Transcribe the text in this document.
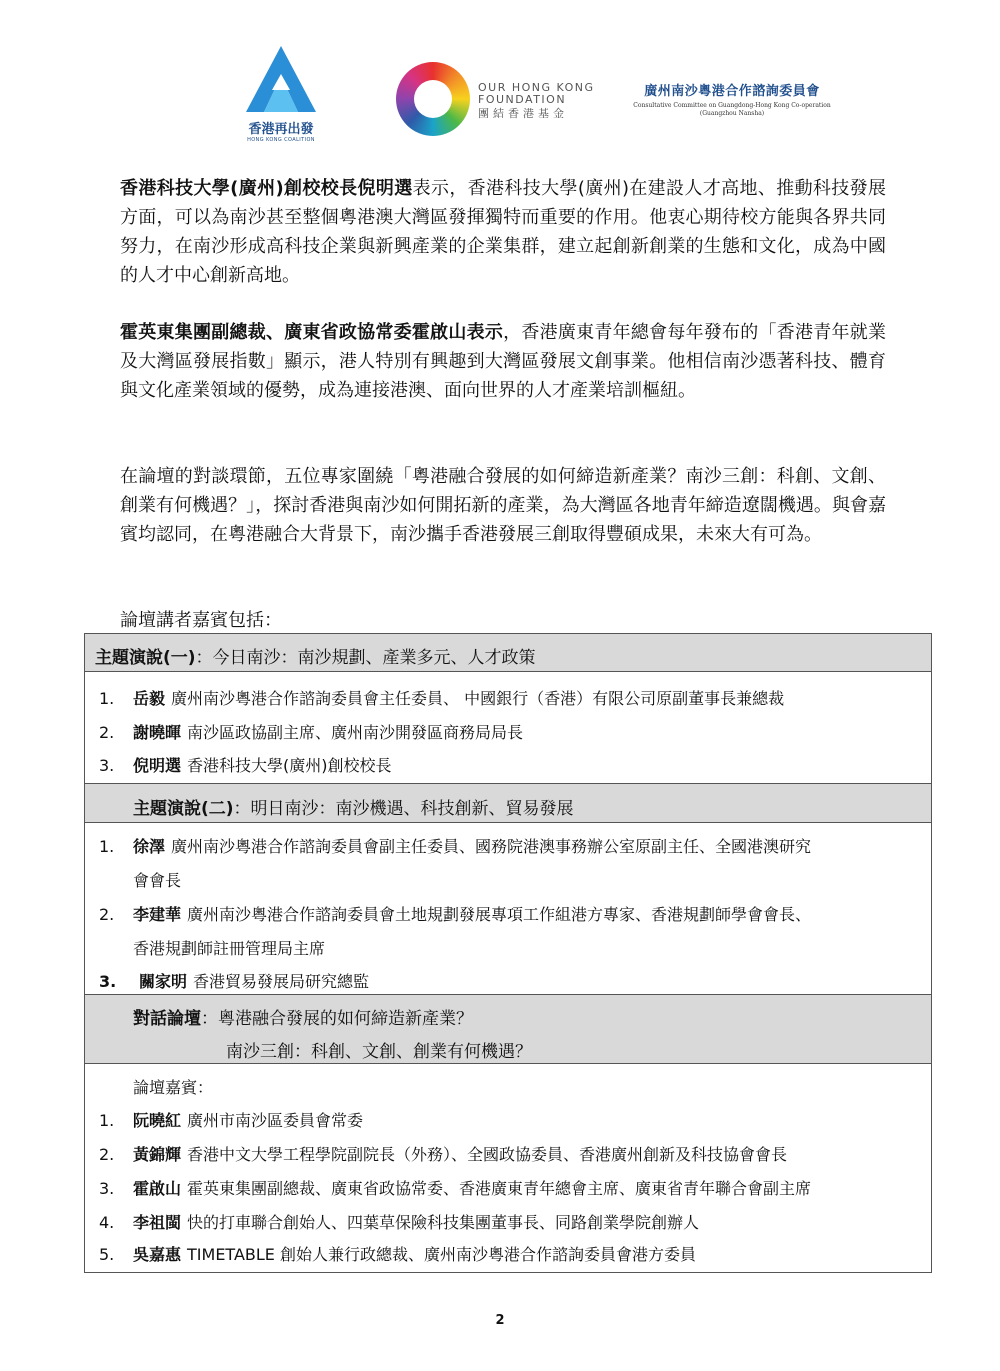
香港再出發
HONG KONG COALITION
OUR HONG KONG
FOUNDATION
團結香港基金
廣州南沙粵港合作諮詢委員會
Consultative Committee on Guangdong-Hong Kong Co-operation
(Guangzhou Nansha)
香港科技大學(廣州)創校校長倪明選表示，香港科技大學(廣州)在建設人才高地、推動科技發展方面，可以為南沙甚至整個粵港澳大灣區發揮獨特而重要的作用。他衷心期待校方能與各界共同努力，在南沙形成高科技企業與新興產業的企業集群，建立起創新創業的生態和文化，成為中國的人才中心創新高地。
霍英東集團副總裁、廣東省政協常委霍啟山表示，香港廣東青年總會每年發布的「香港青年就業及大灣區發展指數」顯示，港人特別有興趣到大灣區發展文創事業。他相信南沙憑著科技、體育與文化產業領域的優勢，成為連接港澳、面向世界的人才產業培訓樞紐。
在論壇的對談環節，五位專家圍繞「粵港融合發展的如何締造新產業？南沙三創：科創、文創、創業有何機遇？」，探討香港與南沙如何開拓新的產業，為大灣區各地青年締造遼闊機遇。與會嘉賓均認同，在粵港融合大背景下，南沙攜手香港發展三創取得豐碩成果，未來大有可為。
論壇講者嘉賓包括：
主題演說(一)：今日南沙：南沙規劃、產業多元、人才政策
1. 岳毅 廣州南沙粵港合作諮詢委員會主任委員、 中國銀行（香港）有限公司原副董事長兼總裁
2. 謝曉暉 南沙區政協副主席、廣州南沙開發區商務局局長
3. 倪明選 香港科技大學(廣州)創校校長
主題演說(二)：明日南沙：南沙機遇、科技創新、貿易發展
1. 徐澤 廣州南沙粵港合作諮詢委員會副主任委員、國務院港澳事務辦公室原副主任、全國港澳研究
會會長
2. 李建華 廣州南沙粵港合作諮詢委員會土地規劃發展專項工作組港方專家、香港規劃師學會會長、
香港規劃師註冊管理局主席
3. 關家明 香港貿易發展局研究總監
對話論壇：粵港融合發展的如何締造新產業？
南沙三創：科創、文創、創業有何機遇？
論壇嘉賓：
1. 阮曉紅 廣州市南沙區委員會常委
2. 黃錦輝 香港中文大學工程學院副院長（外務）、全國政協委員、香港廣州創新及科技協會會長
3. 霍啟山 霍英東集團副總裁、廣東省政協常委、香港廣東青年總會主席、廣東省青年聯合會副主席
4. 李祖閩 快的打車聯合創始人、四葉草保險科技集團董事長、同路創業學院創辦人
5. 吳嘉惠 TIMETABLE 創始人兼行政總裁、廣州南沙粵港合作諮詢委員會港方委員
2
